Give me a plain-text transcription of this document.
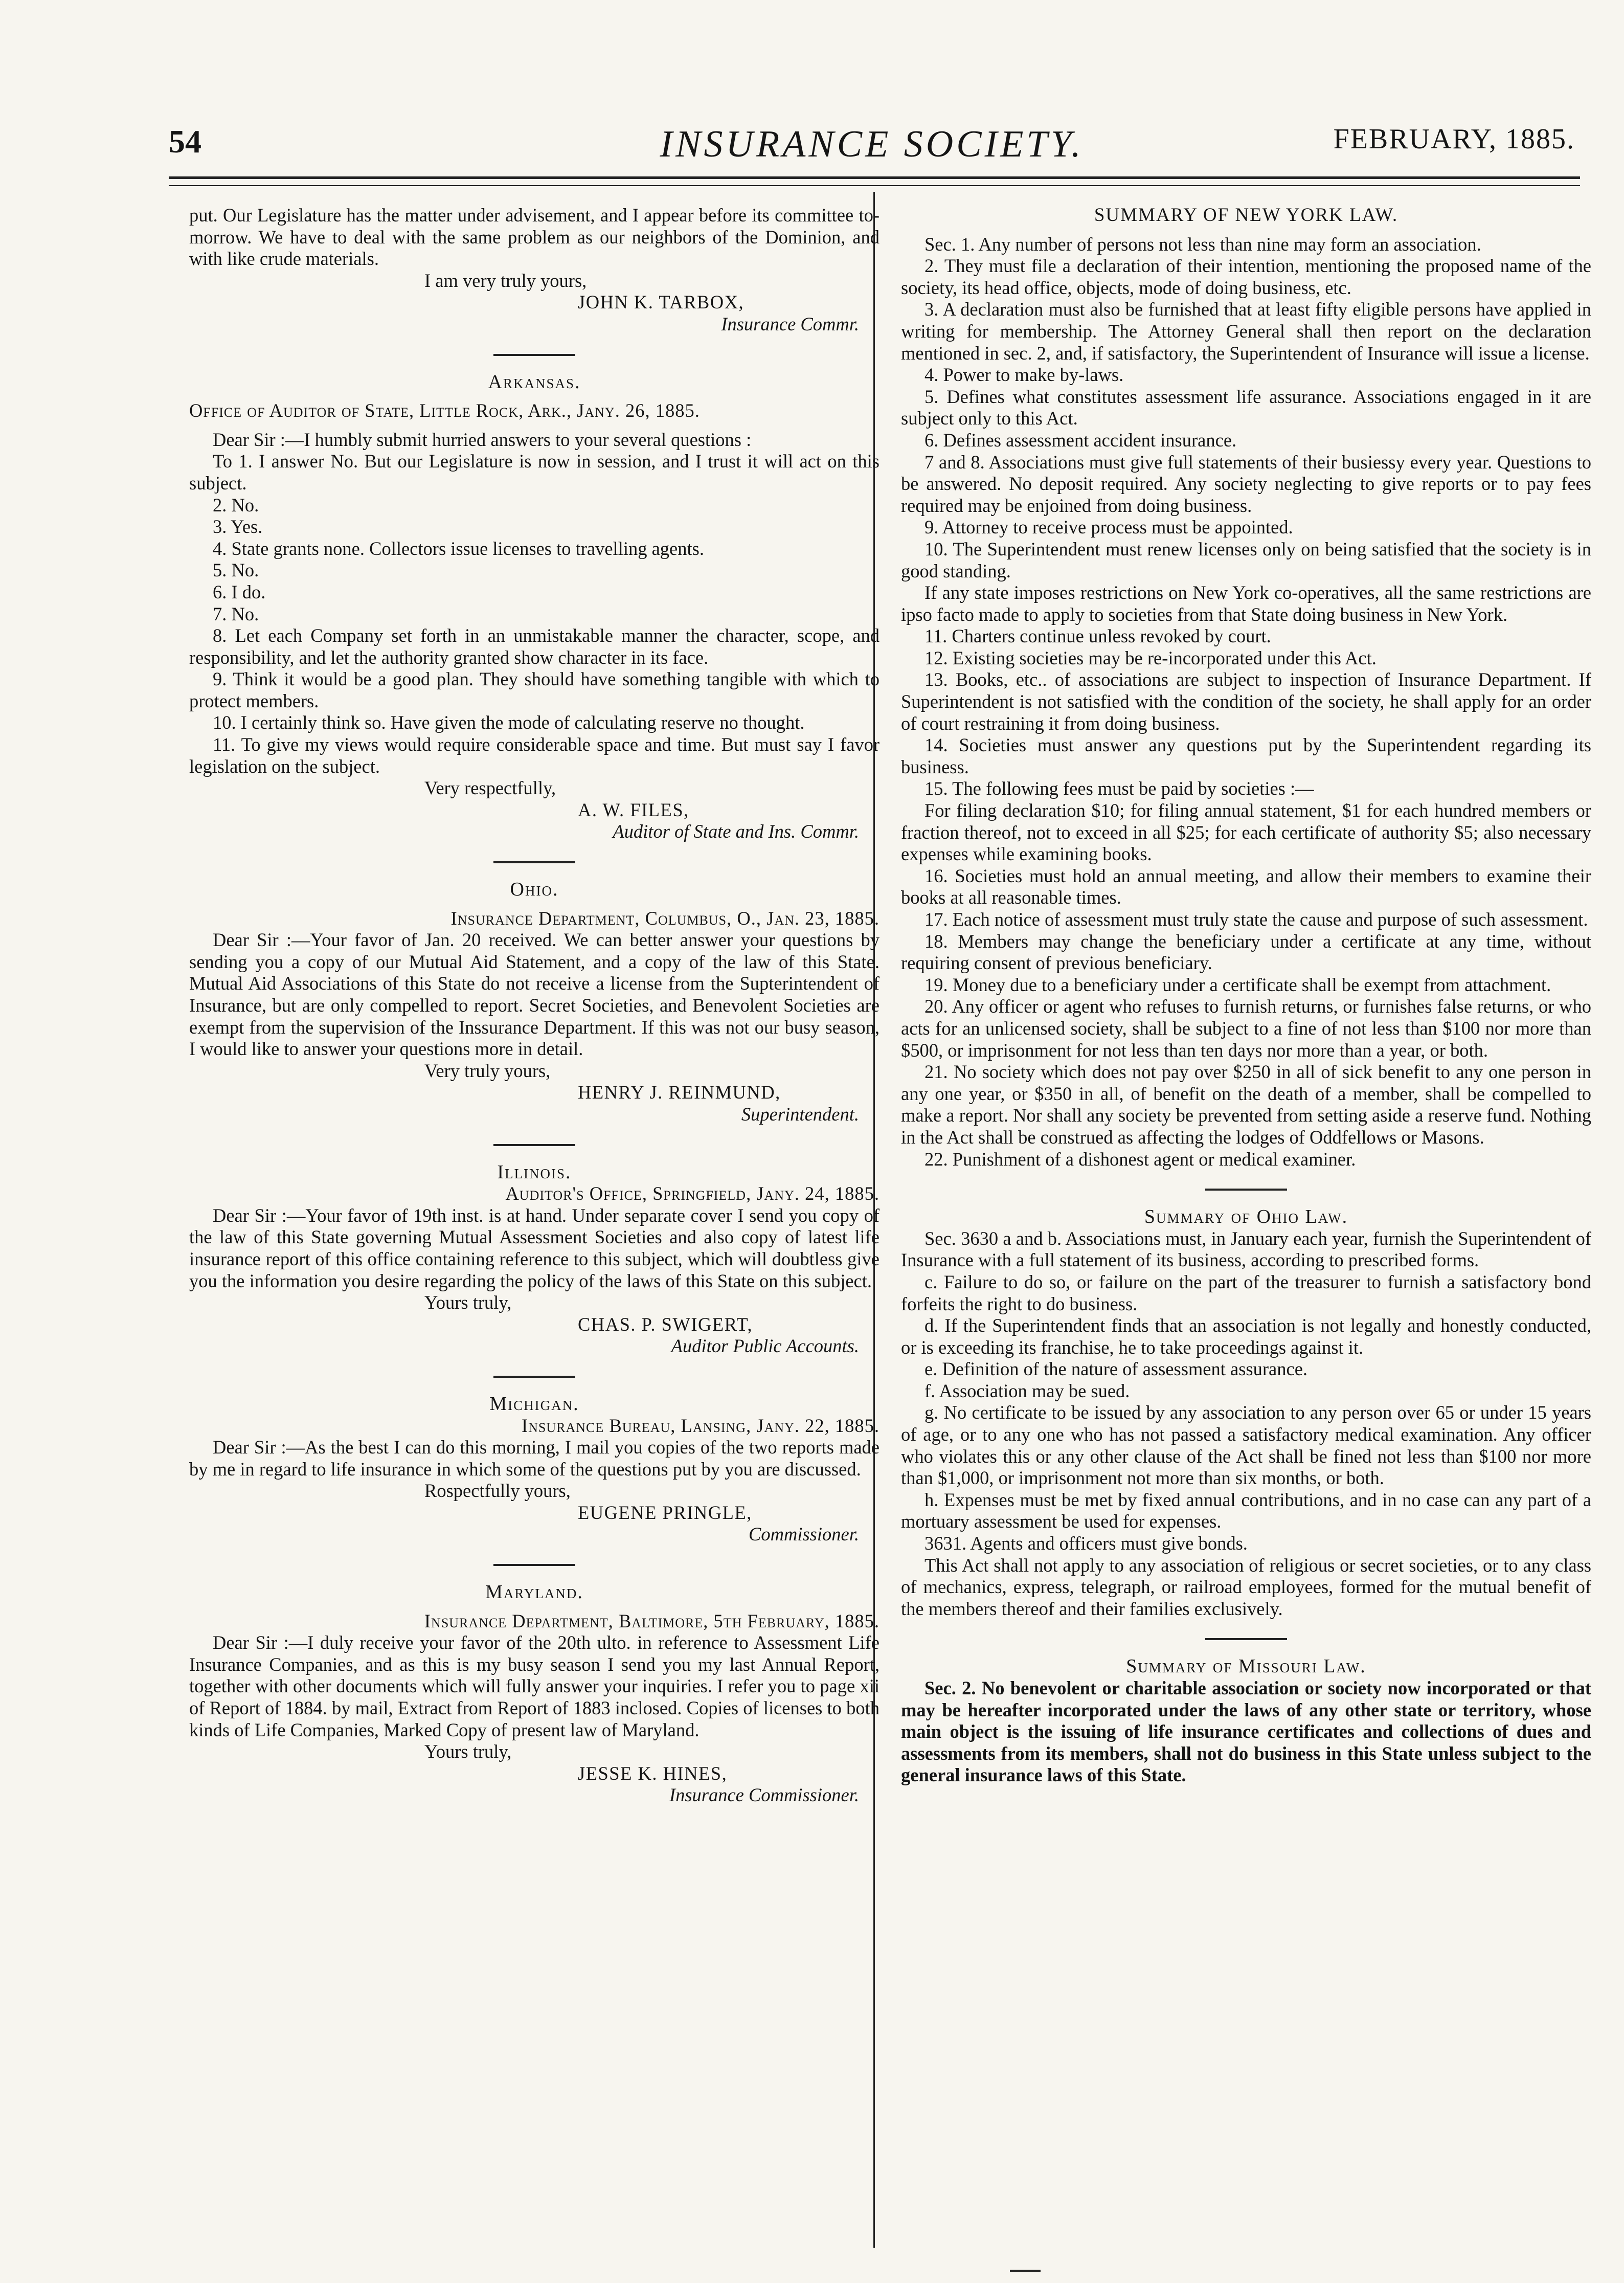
54	INSURANCE SOCIETY.	FEBRUARY, 1885.

put. Our Legislature has the matter under advisement, and I appear before its committee to-morrow. We have to deal with the same problem as our neighbors of the Dominion, and with like crude materials.

I am very truly yours,

JOHN K. TARBOX,

Insurance Commr.

Arkansas.

Office of Auditor of State, Little Rock, Ark., Jany. 26, 1885.

Dear Sir :—I humbly submit hurried answers to your several questions :

To 1. I answer No. But our Legislature is now in session, and I trust it will act on this subject.

2. No.

3. Yes.

4. State grants none. Collectors issue licenses to travelling agents.

5. No.

6. I do.

7. No.

8. Let each Company set forth in an unmistakable manner the character, scope, and responsibility, and let the authority granted show character in its face.

9. Think it would be a good plan. They should have something tangible with which to protect members.

10. I certainly think so. Have given the mode of calculating reserve no thought.

11. To give my views would require considerable space and time. But must say I favor legislation on the subject.

Very respectfully,

A. W. FILES,

Auditor of State and Ins. Commr.

Ohio.

Insurance Department, Columbus, O., Jan. 23, 1885.

Dear Sir :—Your favor of Jan. 20 received. We can better answer your questions by sending you a copy of our Mutual Aid Statement, and a copy of the law of this State. Mutual Aid Associations of this State do not receive a license from the Supterintendent of Insurance, but are only compelled to report. Secret Societies, and Benevolent Societies are exempt from the supervision of the Inssurance Department. If this was not our busy season, I would like to answer your questions more in detail.

Very truly yours,

HENRY J. REINMUND,

Superintendent.

Illinois.

Auditor's Office, Springfield, Jany. 24, 1885.

Dear Sir :—Your favor of 19th inst. is at hand. Under separate cover I send you copy of the law of this State governing Mutual Assessment Societies and also copy of latest life insurance report of this office containing reference to this subject, which will doubtless give you the information you desire regarding the policy of the laws of this State on this subject.

Yours truly,

CHAS. P. SWIGERT,

Auditor Public Accounts.

Michigan.

Insurance Bureau, Lansing, Jany. 22, 1885.

Dear Sir :—As the best I can do this morning, I mail you copies of the two reports made by me in regard to life insurance in which some of the questions put by you are discussed.

Rospectfully yours,

EUGENE PRINGLE,

Commissioner.

Maryland.

Insurance Department, Baltimore, 5th February, 1885.

Dear Sir :—I duly receive your favor of the 20th ulto. in reference to Assessment Life Insurance Companies, and as this is my busy season I send you my last Annual Report, together with other documents which will fully answer your inquiries. I refer you to page xii of Report of 1884. by mail, Extract from Report of 1883 inclosed. Copies of licenses to both kinds of Life Companies, Marked Copy of present law of Maryland.

Yours truly,

JESSE K. HINES,

Insurance Commissioner.

SUMMARY OF NEW YORK LAW.

Sec. 1. Any number of persons not less than nine may form an association.

2. They must file a declaration of their intention, mentioning the proposed name of the society, its head office, objects, mode of doing business, etc.

3. A declaration must also be furnished that at least fifty eligible persons have applied in writing for membership. The Attorney General shall then report on the declaration mentioned in sec. 2, and, if satisfactory, the Superintendent of Insurance will issue a license.

4. Power to make by-laws.

5. Defines what constitutes assessment life assurance. Associations engaged in it are subject only to this Act.

6. Defines assessment accident insurance.

7 and 8. Associations must give full statements of their busiessy every year. Questions to be answered. No deposit required. Any society neglecting to give reports or to pay fees required may be enjoined from doing business.

9. Attorney to receive process must be appointed.

10. The Superintendent must renew licenses only on being satisfied that the society is in good standing.

If any state imposes restrictions on New York co-operatives, all the same restrictions are ipso facto made to apply to societies from that State doing business in New York.

11. Charters continue unless revoked by court.

12. Existing societies may be re-incorporated under this Act.

13. Books, etc.. of associations are subject to inspection of Insurance Department. If Superintendent is not satisfied with the condition of the society, he shall apply for an order of court restraining it from doing business.

14. Societies must answer any questions put by the Superintendent regarding its business.

15. The following fees must be paid by societies :—

For filing declaration $10; for filing annual statement, $1 for each hundred members or fraction thereof, not to exceed in all $25; for each certificate of authority $5; also necessary expenses while examining books.

16. Societies must hold an annual meeting, and allow their members to examine their books at all reasonable times.

17. Each notice of assessment must truly state the cause and purpose of such assessment.

18. Members may change the beneficiary under a certificate at any time, without requiring consent of previous beneficiary.

19. Money due to a beneficiary under a certificate shall be exempt from attachment.

20. Any officer or agent who refuses to furnish returns, or furnishes false returns, or who acts for an unlicensed society, shall be subject to a fine of not less than $100 nor more than $500, or imprisonment for not less than ten days nor more than a year, or both.

21. No society which does not pay over $250 in all of sick benefit to any one person in any one year, or $350 in all, of benefit on the death of a member, shall be compelled to make a report. Nor shall any society be prevented from setting aside a reserve fund. Nothing in the Act shall be construed as affecting the lodges of Oddfellows or Masons.

22. Punishment of a dishonest agent or medical examiner.

Summary of Ohio Law.

Sec. 3630 a and b. Associations must, in January each year, furnish the Superintendent of Insurance with a full statement of its business, according to prescribed forms.

c. Failure to do so, or failure on the part of the treasurer to furnish a satisfactory bond forfeits the right to do business.

d. If the Superintendent finds that an association is not legally and honestly conducted, or is exceeding its franchise, he to take proceedings against it.

e. Definition of the nature of assessment assurance.

f. Association may be sued.

g. No certificate to be issued by any association to any person over 65 or under 15 years of age, or to any one who has not passed a satisfactory medical examination. Any officer who violates this or any other clause of the Act shall be fined not less than $100 nor more than $1,000, or imprisonment not more than six months, or both.

h. Expenses must be met by fixed annual contributions, and in no case can any part of a mortuary assessment be used for expenses.

3631. Agents and officers must give bonds.

This Act shall not apply to any association of religious or secret societies, or to any class of mechanics, express, telegraph, or railroad employees, formed for the mutual benefit of the members thereof and their families exclusively.

Summary of Missouri Law.

Sec. 2. No benevolent or charitable association or society now incorporated or that may be hereafter incorporated under the laws of any other state or territory, whose main object is the issuing of life insurance certificates and collections of dues and assessments from its members, shall not do business in this State unless subject to the general insurance laws of this State.
